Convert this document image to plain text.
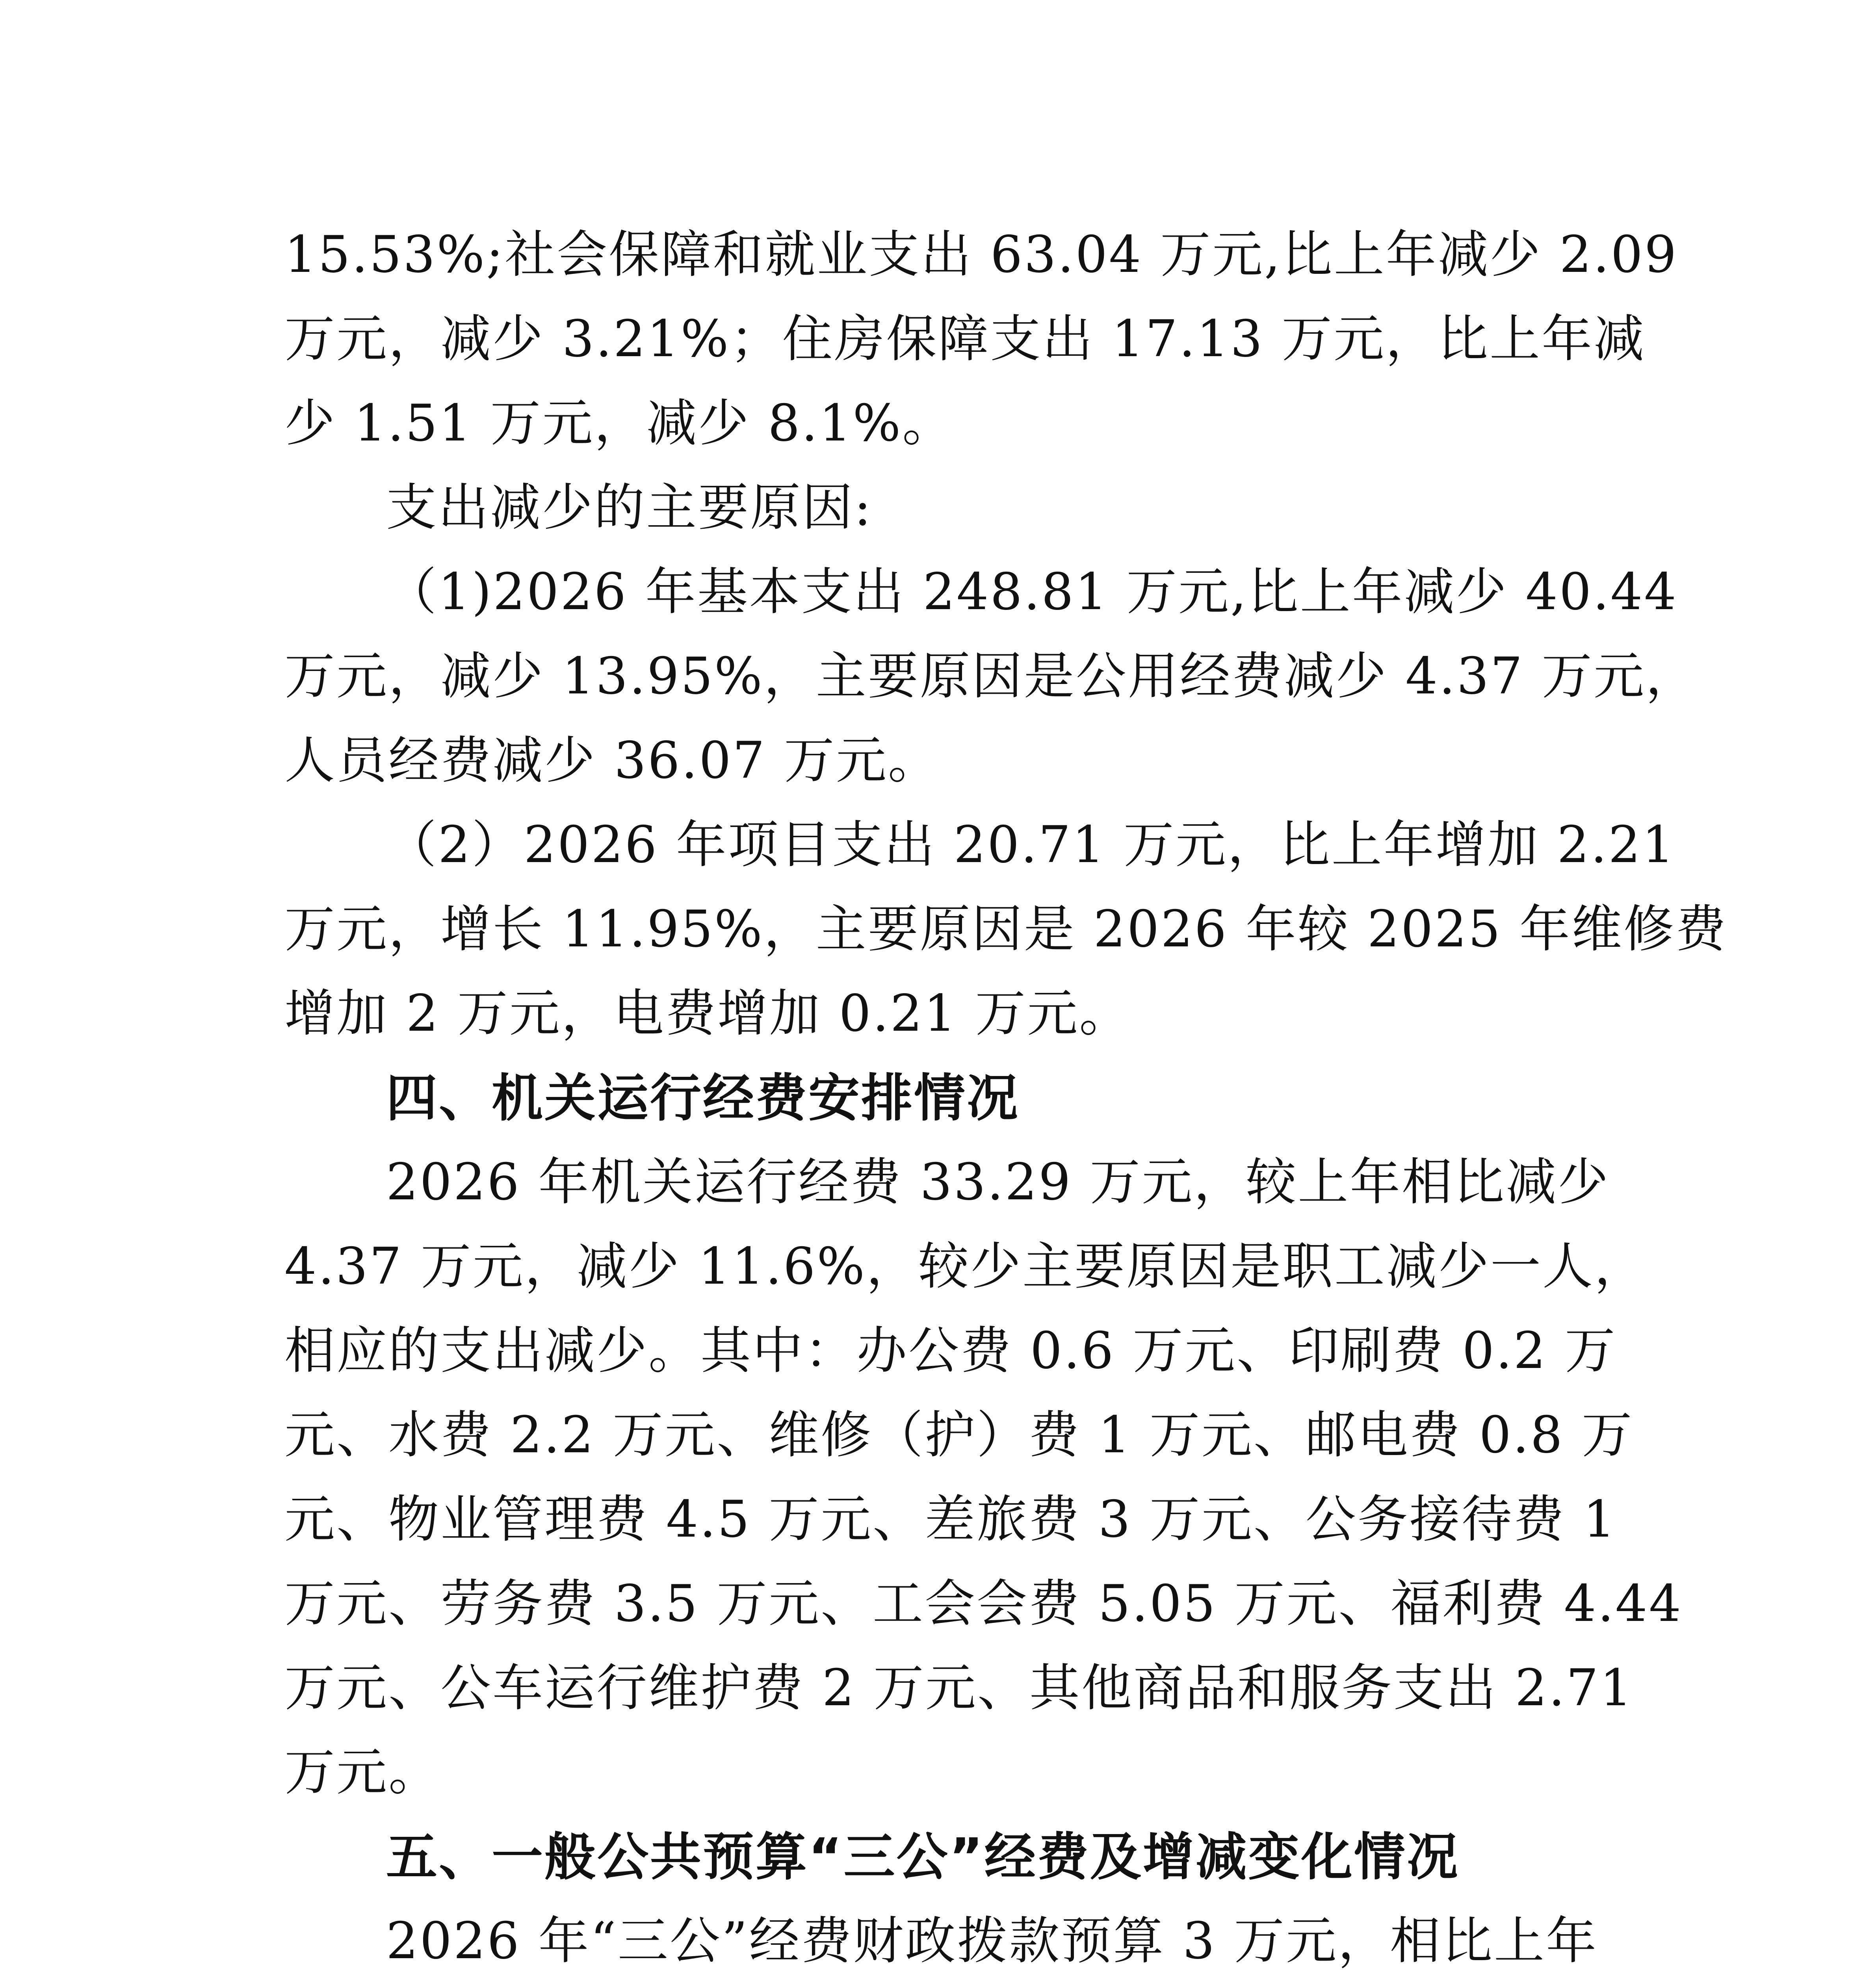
15.53%;社会保障和就业支出 63.04 万元,比上年减少 2.09
万元，减少 3.21%；住房保障支出 17.13 万元，比上年减
少 1.51 万元，减少 8.1%。
支出减少的主要原因:
（1)2026 年基本支出 248.81 万元,比上年减少 40.44
万元，减少 13.95%，主要原因是公用经费减少 4.37 万元，
人员经费减少 36.07 万元。
（2）2026 年项目支出 20.71 万元，比上年增加 2.21
万元，增长 11.95%，主要原因是 2026 年较 2025 年维修费
增加 2 万元，电费增加 0.21 万元。
四、机关运行经费安排情况
2026 年机关运行经费 33.29 万元，较上年相比减少
4.37 万元，减少 11.6%，较少主要原因是职工减少一人，
相应的支出减少。其中：办公费 0.6 万元、印刷费 0.2 万
元、水费 2.2 万元、维修（护）费 1 万元、邮电费 0.8 万
元、物业管理费 4.5 万元、差旅费 3 万元、公务接待费 1
万元、劳务费 3.5 万元、工会会费 5.05 万元、福利费 4.44
万元、公车运行维护费 2 万元、其他商品和服务支出 2.71
万元。
五、一般公共预算“三公”经费及增减变化情况
2026 年“三公”经费财政拨款预算 3 万元，相比上年
